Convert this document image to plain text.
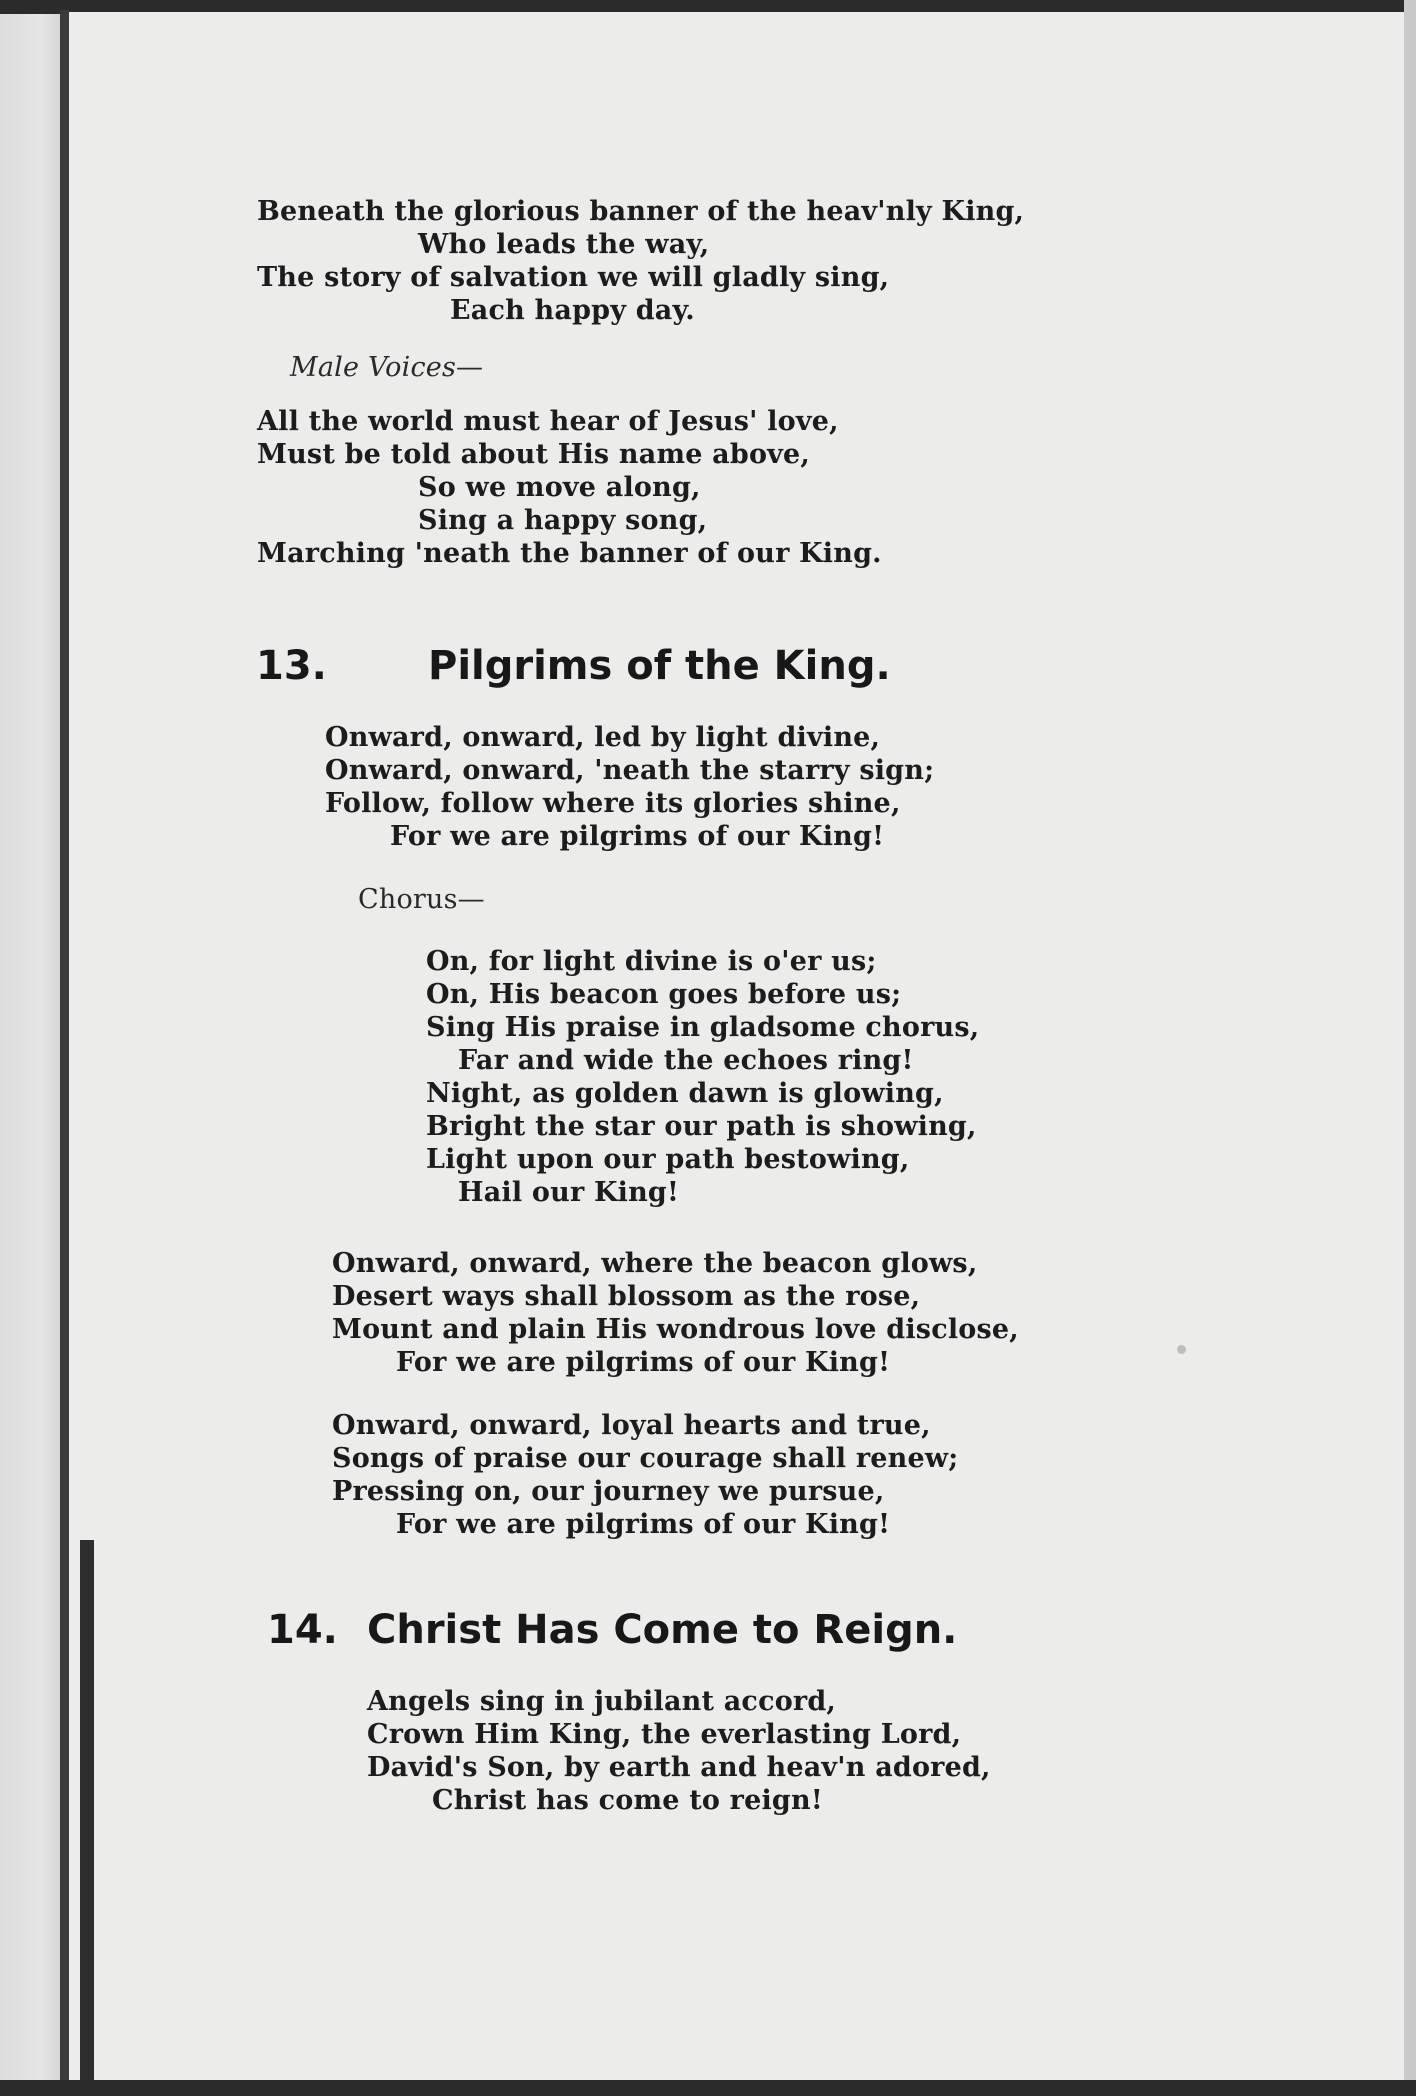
Beneath the glorious banner of the heav'nly King,
Who leads the way,
The story of salvation we will gladly sing,
Each happy day.
Male Voices—
All the world must hear of Jesus' love,
Must be told about His name above,
So we move along,
Sing a happy song,
Marching 'neath the banner of our King.
13.	Pilgrims of the King.
Onward, onward, led by light divine,
Onward, onward, 'neath the starry sign;
Follow, follow where its glories shine,
For we are pilgrims of our King!
Chorus—
On, for light divine is o'er us;
On, His beacon goes before us;
Sing His praise in gladsome chorus,
Far and wide the echoes ring!
Night, as golden dawn is glowing,
Bright the star our path is showing,
Light upon our path bestowing,
Hail our King!
Onward, onward, where the beacon glows,
Desert ways shall blossom as the rose,
Mount and plain His wondrous love disclose,
For we are pilgrims of our King!
Onward, onward, loyal hearts and true,
Songs of praise our courage shall renew;
Pressing on, our journey we pursue,
For we are pilgrims of our King!
14. Christ Has Come to Reign.
Angels sing in jubilant accord,
Crown Him King, the everlasting Lord,
David's Son, by earth and heav'n adored,
Christ has come to reign!
